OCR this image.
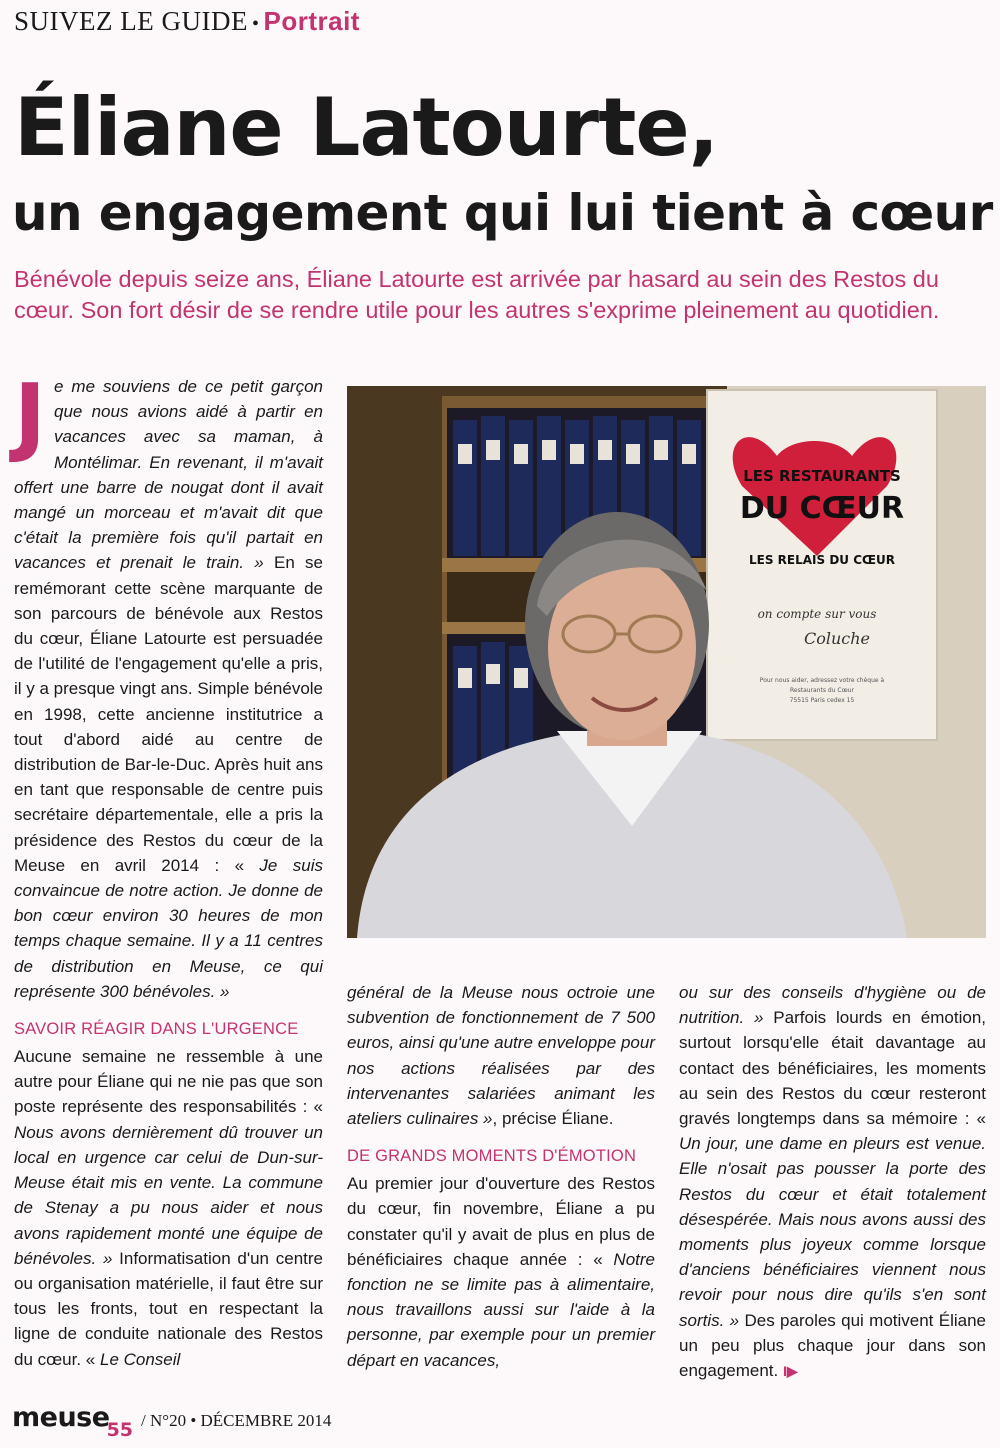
SUIVEZ LE GUIDE • Portrait
Éliane Latourte,
un engagement qui lui tient à cœur
Bénévole depuis seize ans, Éliane Latourte est arrivée par hasard au sein des Restos du cœur. Son fort désir de se rendre utile pour les autres s'exprime pleinement au quotidien.

Je me souviens de ce petit garçon que nous avions aidé à partir en vacances avec sa maman, à Montélimar. En revenant, il m'avait offert une barre de nougat dont il avait mangé un morceau et m'avait dit que c'était la première fois qu'il partait en vacances et prenait le train. » En se remémorant cette scène marquante de son parcours de bénévole aux Restos du cœur, Éliane Latourte est persuadée de l'utilité de l'engagement qu'elle a pris, il y a presque vingt ans. Simple bénévole en 1998, cette ancienne institutrice a tout d'abord aidé au centre de distribution de Bar-le-Duc. Après huit ans en tant que responsable de centre puis secrétaire départementale, elle a pris la présidence des Restos du cœur de la Meuse en avril 2014 : « Je suis convaincue de notre action. Je donne de bon cœur environ 30 heures de mon temps chaque semaine. Il y a 11 centres de distribution en Meuse, ce qui représente 300 bénévoles. »

SAVOIR RÉAGIR DANS L'URGENCE

Aucune semaine ne ressemble à une autre pour Éliane qui ne nie pas que son poste représente des responsabilités : « Nous avons dernièrement dû trouver un local en urgence car celui de Dun-sur-Meuse était mis en vente. La commune de Stenay a pu nous aider et nous avons rapidement monté une équipe de bénévoles. » Informatisation d'un centre ou organisation matérielle, il faut être sur tous les fronts, tout en respectant la ligne de conduite nationale des Restos du cœur. « Le Conseil

LES RESTAURANTS
DU CŒUR
LES RELAIS DU CŒUR
on compte sur vous
Coluche
Pour nous aider, adressez votre chèque à
Restaurants du Cœur
75515 Paris cedex 15

général de la Meuse nous octroie une subvention de fonctionnement de 7 500 euros, ainsi qu'une autre enveloppe pour nos actions réalisées par des intervenantes salariées animant les ateliers culinaires », précise Éliane.

DE GRANDS MOMENTS D'ÉMOTION

Au premier jour d'ouverture des Restos du cœur, fin novembre, Éliane a pu constater qu'il y avait de plus en plus de bénéficiaires chaque année : « Notre fonction ne se limite pas à alimentaire, nous travaillons aussi sur l'aide à la personne, par exemple pour un premier départ en vacances,

ou sur des conseils d'hygiène ou de nutrition. » Parfois lourds en émotion, surtout lorsqu'elle était davantage au contact des bénéficiaires, les moments au sein des Restos du cœur resteront gravés longtemps dans sa mémoire : « Un jour, une dame en pleurs est venue. Elle n'osait pas pousser la porte des Restos du cœur et était totalement désespérée. Mais nous avons aussi des moments plus joyeux comme lorsque d'anciens bénéficiaires viennent nous revoir pour nous dire qu'ils s'en sont sortis. » Des paroles qui motivent Éliane un peu plus chaque jour dans son engagement. I▶

meuse55 / N°20 • DÉCEMBRE 2014
